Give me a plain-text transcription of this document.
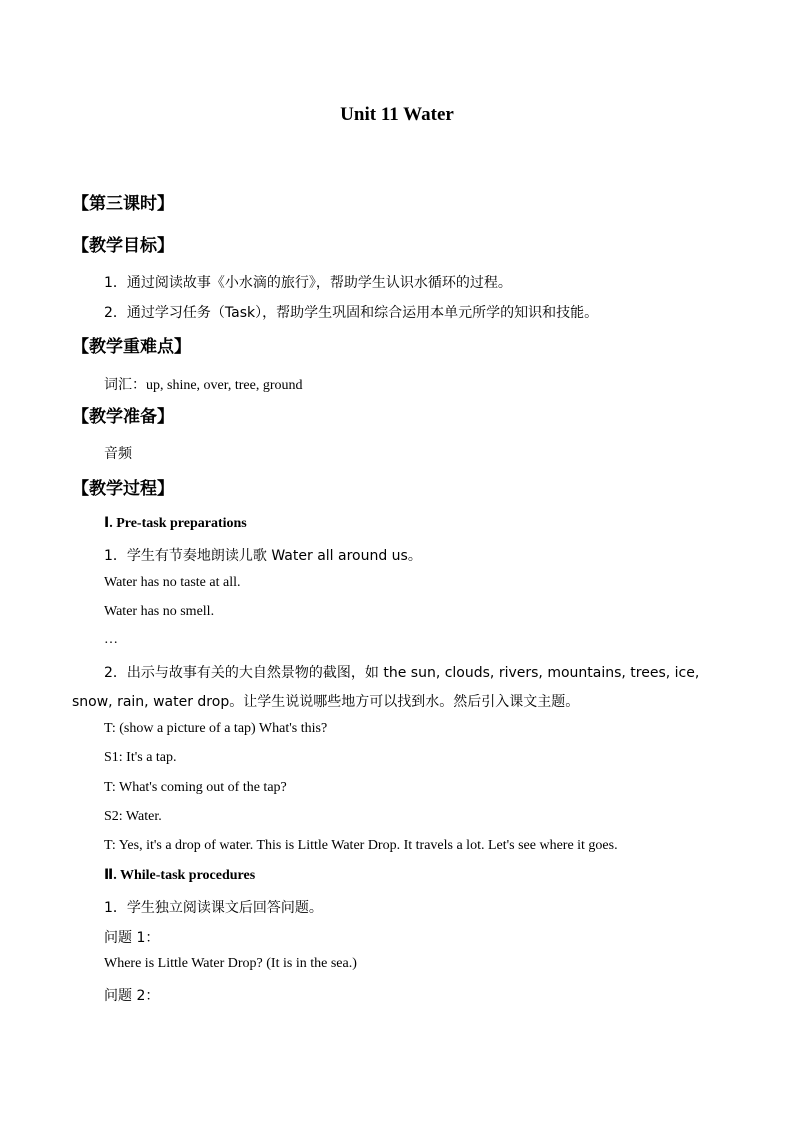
Unit 11 Water
【第三课时】
【教学目标】
1．通过阅读故事《小水滴的旅行》，帮助学生认识水循环的过程。
2．通过学习任务（Task），帮助学生巩固和综合运用本单元所学的知识和技能。
【教学重难点】
词汇：up, shine, over, tree, ground
【教学准备】
音频
【教学过程】
Ⅰ. Pre-task preparations
1．学生有节奏地朗读儿歌 Water all around us。
Water has no taste at all.
Water has no smell.
…
2．出示与故事有关的大自然景物的截图，如 the sun, clouds, rivers, mountains, trees, ice,
snow, rain, water drop。让学生说说哪些地方可以找到水。然后引入课文主题。
T: (show a picture of a tap) What's this?
S1: It's a tap.
T: What's coming out of the tap?
S2: Water.
T: Yes, it's a drop of water. This is Little Water Drop. It travels a lot. Let's see where it goes.
Ⅱ. While-task procedures
1．学生独立阅读课文后回答问题。
问题 1：
Where is Little Water Drop? (It is in the sea.)
问题 2：
